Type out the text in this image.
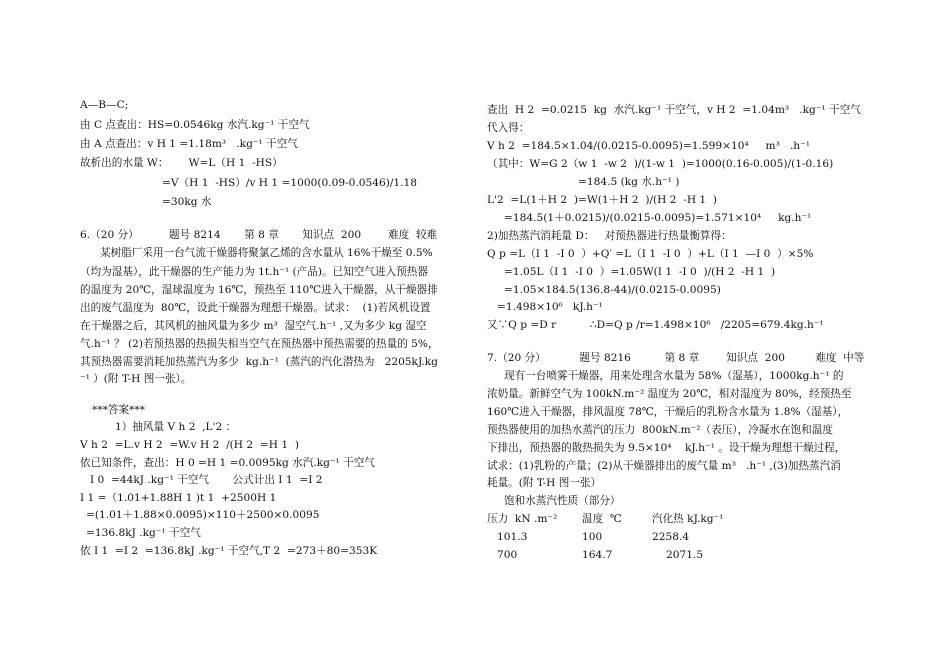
A—B—C;
由 C 点查出：HS=0.0546kg 水汽.kg⁻¹ 干空气
由 A 点查出：v H 1 =1.18m³   .kg⁻¹ 干空气
故析出的水量 W：      W=L（H 1  -HS）
=V（H 1  -HS）/v H 1 =1000(0.09-0.0546)/1.18
=30kg 水
6.（20 分）         题号 8214       第 8 章       知识点  200        难度  较难
某树脂厂采用一台气流干燥器将聚氯乙烯的含水量从 16%干燥至 0.5%
（均为湿基），此干燥器的生产能力为 1t.h⁻¹ (产品)。已知空气进入预热器
的温度为 20℃，湿球温度为 16℃，预热至 110℃进入干燥器，从干燥器排
出的废气温度为  80℃，设此干燥器为理想干燥器。试求：  (1)若风机设置
在干燥器之后，其风机的抽风量为多少 m³  湿空气.h⁻¹ ,又为多少 kg 湿空
气.h⁻¹ ？ (2)若预热器的热损失相当空气在预热器中预热需要的热量的 5%，
其预热器需要消耗加热蒸汽为多少  kg.h⁻¹  (蒸汽的汽化潜热为   2205kJ.kg
⁻¹ ）(附 T-H 图一张）。
***答案***
1）抽风量 V h 2  ,L'2 ：
V h 2  =L.v H 2  =W.v H 2  /(H 2  =H 1  )
依已知条件，查出：H 0 =H 1 =0.0095kg 水汽.kg⁻¹ 干空气
I 0  =44kJ .kg⁻¹ 干空气       公式计出 I 1  =I 2
I 1 =（1.01+1.88H 1 )t 1  +2500H 1
=(1.01＋1.88×0.0095)×110＋2500×0.0095
=136.8kJ .kg⁻¹ 干空气
依 I 1  =I 2  =136.8kJ .kg⁻¹ 干空气,T 2  =273＋80=353K
查出  H 2  =0.0215  kg  水汽.kg⁻¹ 干空气，v H 2  =1.04m³   .kg⁻¹ 干空气
代入得：
V h 2  =184.5×1.04/(0.0215-0.0095)=1.599×10⁴     m³   .h⁻¹
（其中：W=G 2（w 1  -w 2  )/(1-w 1  )=1000(0.16-0.005)/(1-0.16)
=184.5 (kg 水.h⁻¹ )
L'2  =L(1＋H 2  )=W(1＋H 2  )/(H 2  -H 1  )
=184.5(1＋0.0215)/(0.0215-0.0095)=1.571×10⁴     kg.h⁻¹
2)加热蒸汽消耗量 D：   对预热器进行热量衡算得：
Q p =L（I 1  -I 0  ）+Q′ =L（I 1  -I 0  ）+L（I 1  —I 0  ）×5%
=1.05L（I 1  -I 0  ）=1.05W(I 1  -I 0  )/(H 2  -H 1  )
=1.05×184.5(136.8-44)/(0.0215-0.0095)
=1.498×10⁶   kJ.h⁻¹
又∵Q p =D r          ∴D=Q p /r=1.498×10⁶   /2205=679.4kg.h⁻¹
7.（20 分）          题号 8216          第 8 章        知识点  200         难度  中等
现有一台喷雾干燥器，用来处理含水量为 58%（湿基），1000kg.h⁻¹ 的
浓奶量。新鲜空气为 100kN.m⁻² 温度为 20℃，相对湿度为 80%，经预热至
160℃进入干燥器，排风温度 78℃，干燥后的乳粉含水量为 1.8%（湿基），
预热器使用的加热水蒸汽的压力  800kN.m⁻²（表压），冷凝水在饱和温度
下排出，预热器的散热损失为 9.5×10⁴    kJ.h⁻¹ 。设干燥为理想干燥过程，
试求：(1)乳粉的产量；(2)从干燥器排出的废气量 m³   .h⁻¹ ,(3)加热蒸汽消
耗量。(附 T-H 图一张）
饱和水蒸汽性质（部分）
压力  kN .m⁻² 温度  ℃	汽化热 kJ.kg⁻¹
101.3	100	2258.4
700	164.7	2071.5
